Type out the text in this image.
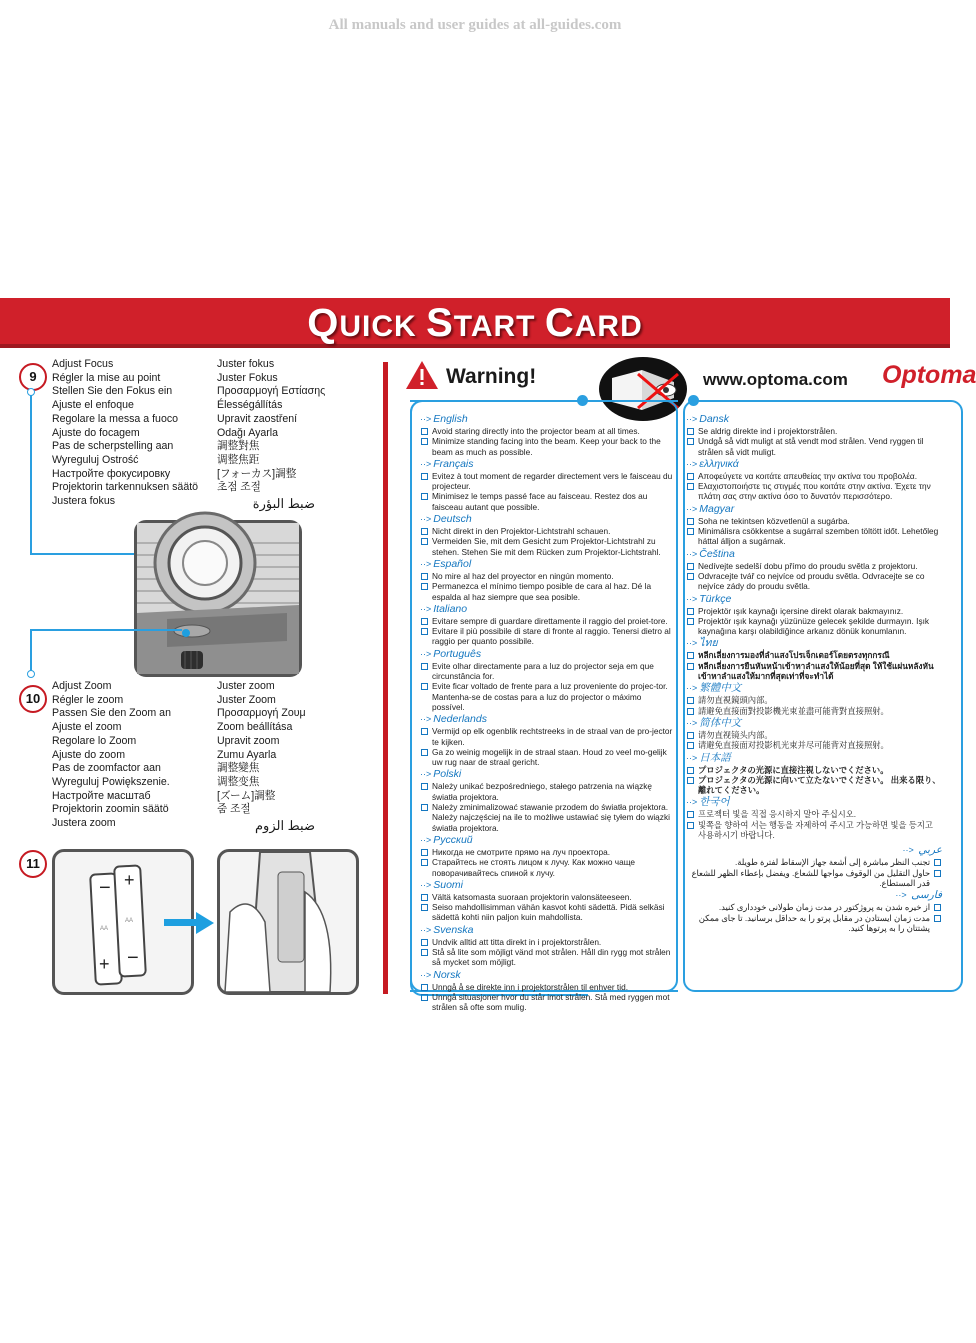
All manuals and user guides at all-guides.com
QUICK START CARD
9
Adjust Focus
Régler la mise au point
Stellen Sie den Fokus ein
Ajuste el enfoque
Regolare la messa a fuoco
Ajuste do focagem
Pas de scherpstelling aan
Wyreguluj Ostrość
Настройте фокусировку
Projektorin tarkennuksen säätö
Justera fokus
Juster fokus
Juster Fokus
Προσαρμογή Εστίασης
Élességállítás
Upravit zaostření
Odağı Ayarla
調整對焦
调整焦距
[フォーカス]調整
초점 조절
ضبط البؤرة
10
Adjust Zoom
Régler le zoom
Passen Sie den Zoom an
Ajuste el zoom
Regolare lo Zoom
Ajuste do zoom
Pas de zoomfactor aan
Wyreguluj Powiększenie.
Настройте масштаб
Projektorin zoomin säätö
Justera zoom
Juster zoom
Juster Zoom
Προσαρμογή Ζουμ
Zoom beállítása
Upravit zoom
Zumu Ayarla
調整變焦
调整变焦
[ズーム]調整
줌 조절
ضبط الزوم
11
− +
+ −
AA
AA
Warning!	www.optoma.com Optoma
··> English
Avoid staring directly into the projector beam at all times.
Minimize standing facing into the beam. Keep your back to the beam as much as possible.
··> Français
Evitez à tout moment de regarder directement vers le faisceau du projecteur.
Minimisez le temps passé face au faisceau. Restez dos au faisceau autant que possible.
··> Deutsch
Nicht direkt in den Projektor-Lichtstrahl schauen.
Vermeiden Sie, mit dem Gesicht zum Projektor-Lichtstrahl zu stehen. Stehen Sie mit dem Rücken zum Projektor-Lichtstrahl.
··> Español
No mire al haz del proyector en ningún momento.
Permanezca el mínimo tiempo posible de cara al haz. Dé la espalda al haz siempre que sea posible.
··> Italiano
Evitare sempre di guardare direttamente il raggio del proiet-tore.
Evitare il più possibile di stare di fronte al raggio. Tenersi dietro al raggio per quanto possibile.
··> Português
Evite olhar directamente para a luz do projector seja em que circunstância for.
Evite ficar voltado de frente para a luz proveniente do projec-tor. Mantenha-se de costas para a luz do projector o máximo possível.
··> Nederlands
Vermijd op elk ogenblik rechtstreeks in de straal van de pro-jector te kijken.
Ga zo weinig mogelijk in de straal staan. Houd zo veel mo-gelijk uw rug naar de straal gericht.
··> Polski
Należy unikać bezpośredniego, stałego patrzenia na wiązkę światła projektora.
Należy zminimalizować stawanie przodem do światła projektora. Należy najczęściej na ile to możliwe ustawiać się tyłem do wiązki światła projektora.
··> Русский
Никогда не смотрите прямо на луч проектора.
Старайтесь не стоять лицом к лучу. Как можно чаще поворачивайтесь спиной к лучу.
··> Suomi
Vältä katsomasta suoraan projektorin valonsäteeseen.
Seiso mahdollisimman vähän kasvot kohti sädettä. Pidä selkäsi sädettä kohti niin paljon kuin mahdollista.
··> Svenska
Undvik alltid att titta direkt in i projektorstrålen.
Stå så lite som möjligt vänd mot strålen. Håll din rygg mot strålen så mycket som möjligt.
··> Norsk
Unngå å se direkte inn i projektorstrålen til enhver tid.
Unngå situasjoner hvor du står imot strålen. Stå med ryggen mot strålen så ofte som mulig.
··> Dansk
Se aldrig direkte ind i projektorstrålen.
Undgå så vidt muligt at stå vendt mod strålen. Vend ryggen til strålen så vidt muligt.
··> ελληνικά
Αποφεύγετε να κοιτάτε απευθείας την ακτίνα του προβολέα.
Ελαχιστοποιήστε τις στιγμές που κοιτάτε στην ακτίνα. Έχετε την πλάτη σας στην ακτίνα όσο το δυνατόν περισσότερο.
··> Magyar
Soha ne tekintsen közvetlenül a sugárba.
Minimálisra csökkentse a sugárral szemben töltött időt. Lehetőleg háttal álljon a sugárnak.
··> Čeština
Nedívejte sedelší dobu přímo do proudu světla z projektoru.
Odvracejte tvář co nejvíce od proudu světla. Odvracejte se co nejvíce zády do proudu světla.
··> Türkçe
Projektör ışık kaynağı içersine direkt olarak bakmayınız.
Projektör ışık kaynağı yüzünüze gelecek şekilde durmayın. Işık kaynağına karşı olabildiğince arkanız dönük konumlanın.
··> ไทย
หลีกเลี่ยงการมองที่ลำแสงโปรเจ็กเตอร์โดยตรงทุกกรณี
หลีกเลี่ยงการยืนหันหน้าเข้าหาลำแสงให้น้อยที่สุด ให้ใช้แผ่นหลังหันเข้าหาลำแสงให้มากที่สุดเท่าที่จะทำได้
··> 繁體中文
請勿直視鏡頭內部。
請避免直接面對投影機光束並盡可能背對直接照射。
··> 简体中文
请勿直视镜头内部。
请避免直接面对投影机光束并尽可能背对直接照射。
··> 日本語
プロジェクタの光源に直接注視しないでください。
プロジェクタの光源に向いて立たないでください。 出来る限り、離れてください。
··> 한국어
프로젝터 빛을 직접 응시하지 말아 주십시오.
빛쪽을 향하여 서는 행동을 자제하여 주시고 가능하면 빛을 등지고 사용하시기 바랍니다.
عربي <··
تجنب النظر مباشرة إلى أشعة جهاز الإسقاط لفترة طويلة.
حاول التقليل من الوقوف مواجها للشعاع. ويفضل بإعطاء الظهر للشعاع قدر المستطاع.
فارسی <··
از خيره شدن به پروژکتور در مدت زمان طولانی خودداری کنيد.
مدت زمان ايستادن در مقابل پرتو را به حداقل برسانيد. تا جای ممکن پشتتان را به پرتوها کنيد.
